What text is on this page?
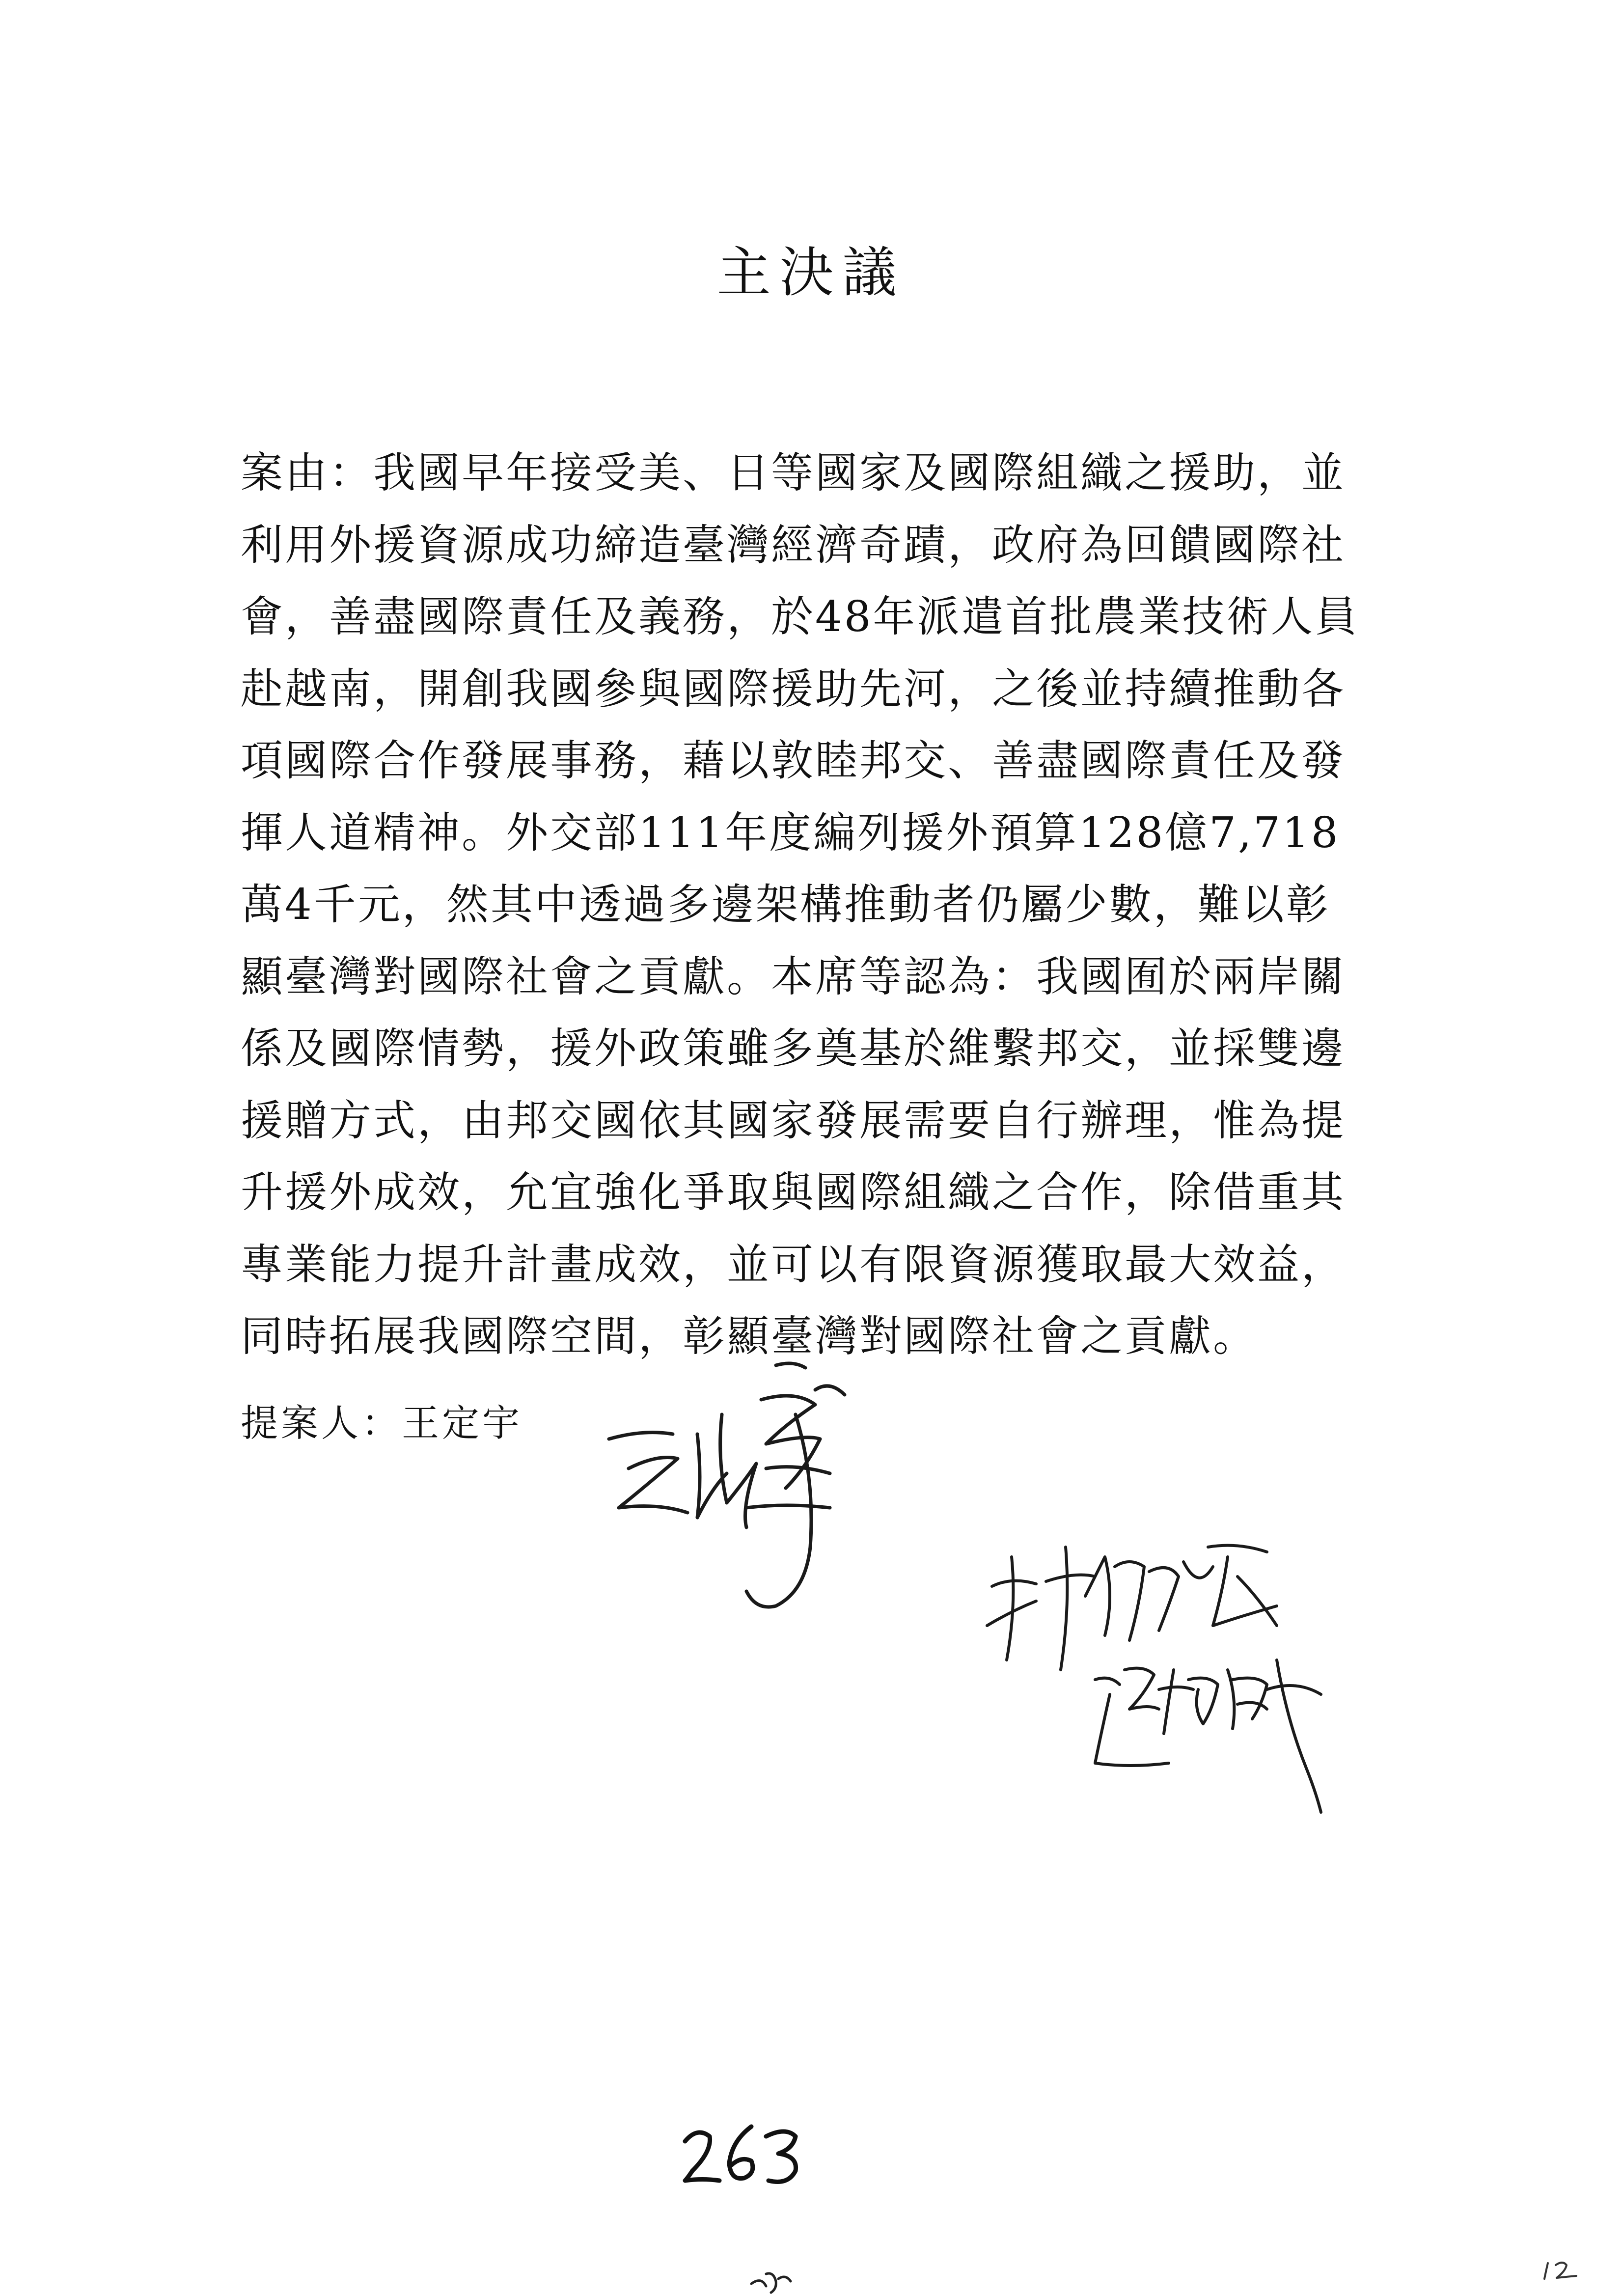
主決議
案由：我國早年接受美、日等國家及國際組織之援助，並
利用外援資源成功締造臺灣經濟奇蹟，政府為回饋國際社
會，善盡國際責任及義務，於48年派遣首批農業技術人員
赴越南，開創我國參與國際援助先河，之後並持續推動各
項國際合作發展事務，藉以敦睦邦交、善盡國際責任及發
揮人道精神。外交部111年度編列援外預算128億7,718
萬4千元，然其中透過多邊架構推動者仍屬少數，難以彰
顯臺灣對國際社會之貢獻。本席等認為：我國囿於兩岸關
係及國際情勢，援外政策雖多奠基於維繫邦交，並採雙邊
援贈方式，由邦交國依其國家發展需要自行辦理，惟為提
升援外成效，允宜強化爭取與國際組織之合作，除借重其
專業能力提升計畫成效，並可以有限資源獲取最大效益，
同時拓展我國際空間，彰顯臺灣對國際社會之貢獻。
提案人：王定宇
